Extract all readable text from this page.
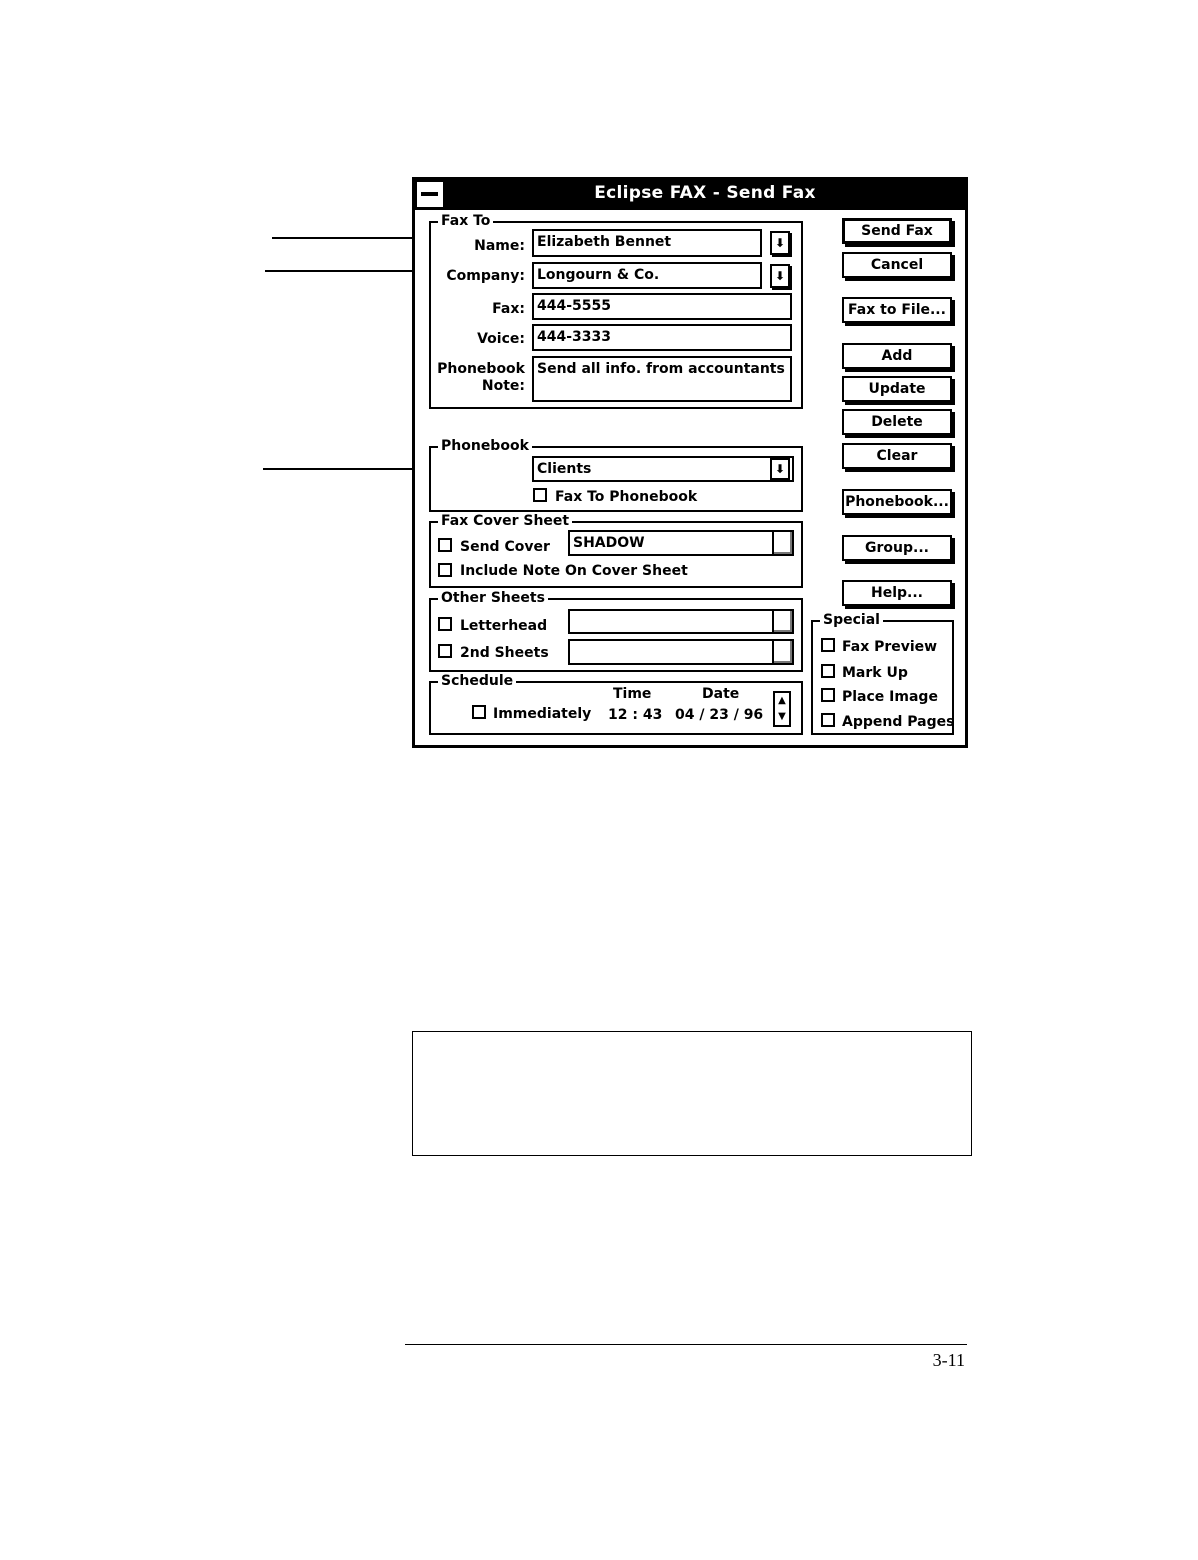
Eclipse FAX - Send Fax
Fax To
Name: Elizabeth Bennet	⬇
Company: Longourn & Co.	⬇
Fax: 444-5555
Voice: 444-3333
Phonebook
Note:
Send all info. from accountants
Phonebook
Clients	⬇
Fax To Phonebook
Fax Cover Sheet
Send Cover	SHADOW
Include Note On Cover Sheet
Other Sheets
Letterhead
2nd Sheets
Schedule
Time	Date
Immediately 12 : 43 04 / 23 / 96
▲
▼
Send Fax
Cancel
Fax to File...
Add
Update
Delete
Clear
Phonebook...
Group...
Help...
Special
Fax Preview
Mark Up
Place Image
Append Pages
3-11
